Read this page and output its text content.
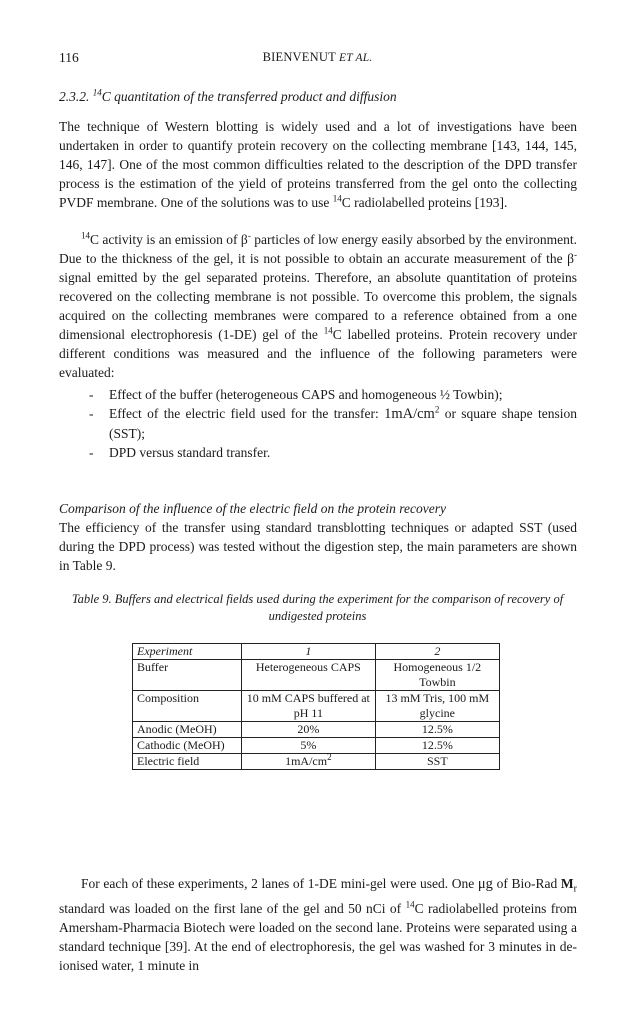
116	BIENVENUT ET AL.
2.3.2. $^{14}$C quantitation of the transferred product and diffusion

The technique of Western blotting is widely used and a lot of investigations have been undertaken in order to quantify protein recovery on the collecting membrane [143, 144, 145, 146, 147]. One of the most common difficulties related to the description of the DPD transfer process is the estimation of the yield of proteins transferred from the gel onto the collecting PVDF membrane. One of the solutions was to use $^{14}$C radiolabelled proteins [193].

$^{14}$C activity is an emission of β- particles of low energy easily absorbed by the environment. Due to the thickness of the gel, it is not possible to obtain an accurate measurement of the β- signal emitted by the gel separated proteins. Therefore, an absolute quantitation of proteins recovered on the collecting membrane is not possible. To overcome this problem, the signals acquired on the collecting membranes were compared to a reference obtained from a one dimensional electrophoresis (1-DE) gel of the $^{14}$C labelled proteins. Protein recovery under different conditions was measured and the influence of the following parameters were evaluated:

- Effect of the buffer (heterogeneous CAPS and homogeneous ½ Towbin);
- Effect of the electric field used for the transfer: $1mA/cm^2$ or square shape tension (SST);
- DPD versus standard transfer.
Comparison of the influence of the electric field on the protein recovery

The efficiency of the transfer using standard transblotting techniques or adapted SST (used during the DPD process) was tested without the digestion step, the main parameters are shown in Table 9.

Table 9. Buffers and electrical fields used during the experiment for the comparison of recovery of undigested proteins
Experiment	1	2
Buffer	Heterogeneous CAPS	Homogeneous 1/2 Towbin
Composition	10 mM CAPS buffered at pH 11	13 mM Tris, 100 mM glycine
Anodic (MeOH)	20%	12.5%
Cathodic (MeOH)	5%	12.5%
Electric field	$1mA/cm^2$	SST

For each of these experiments, 2 lanes of 1-DE mini-gel were used. One μg of Bio-Rad $M_r$ standard was loaded on the first lane of the gel and 50 nCi of $^{14}$C radiolabelled proteins from Amersham-Pharmacia Biotech were loaded on the second lane. Proteins were separated using a standard technique [39]. At the end of electrophoresis, the gel was washed for 3 minutes in de-ionised water, 1 minute in
